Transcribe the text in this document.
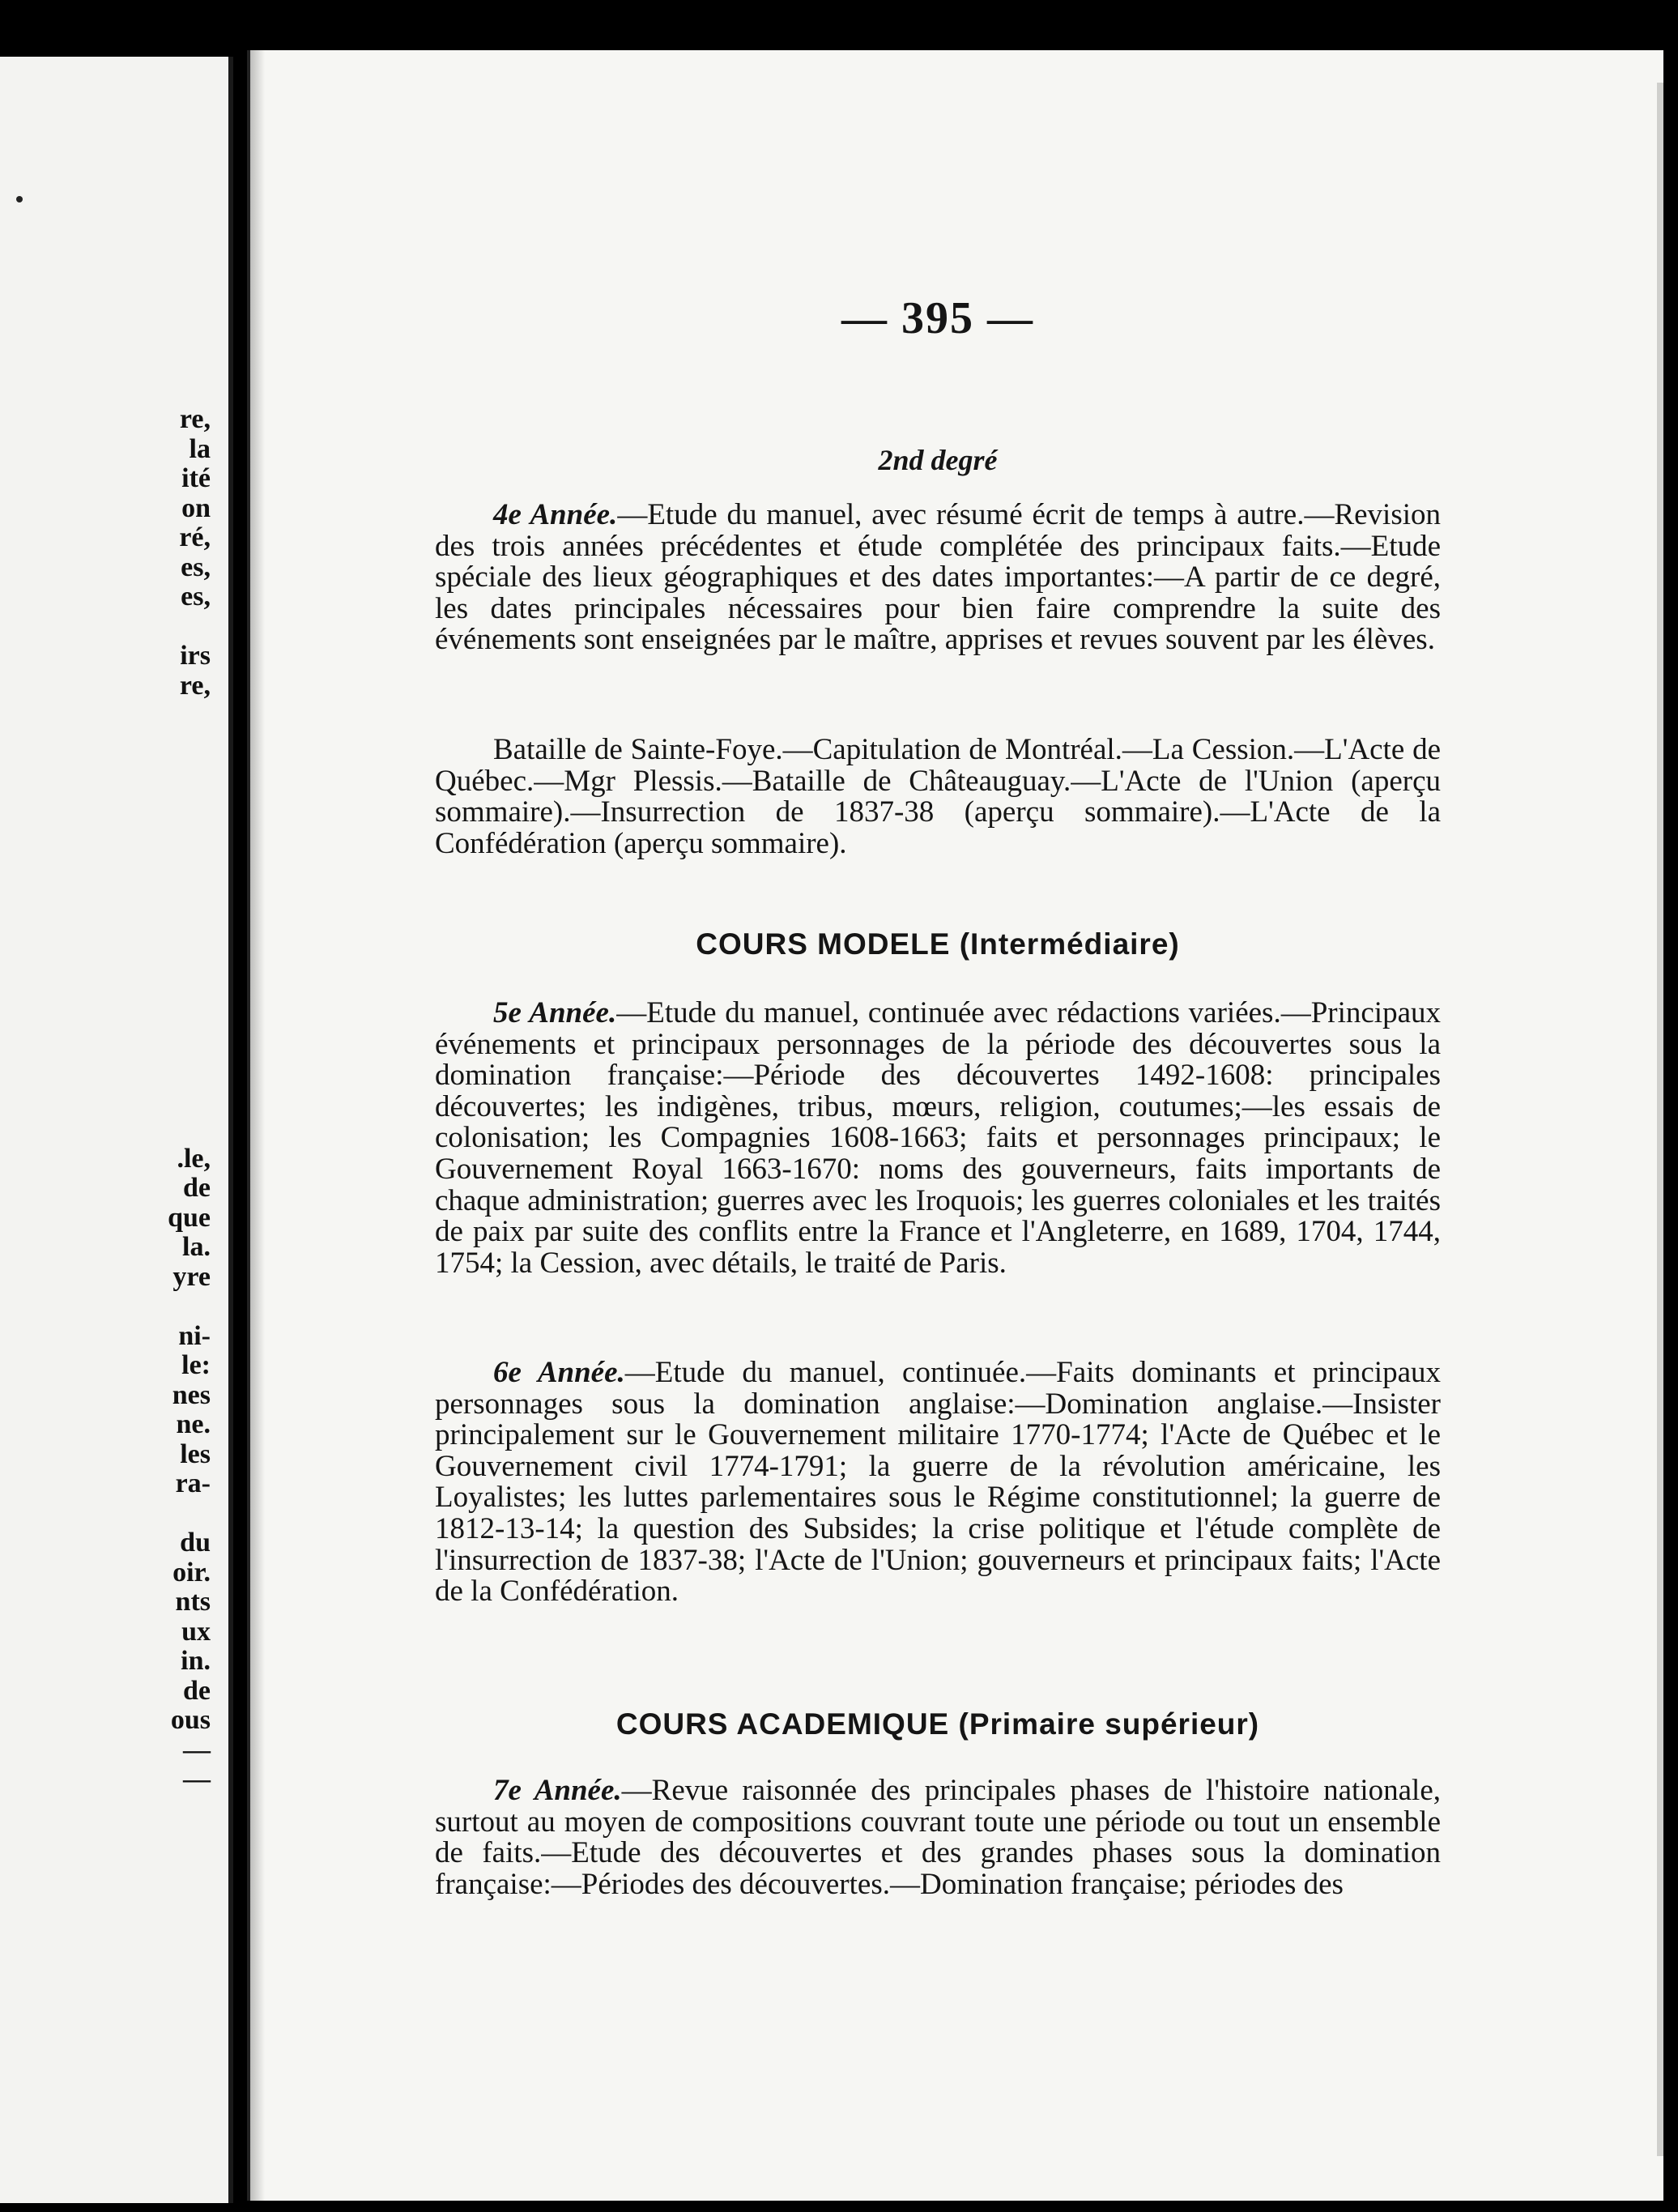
re,
la
ité
on
ré,
es,
es,
irs
re,
.le,
de
que
la.
yre
ni-
le:
nes
ne.
les
ra-
du
oir.
nts
ux
in.
de
ous
—
—
— 395 —
2nd degré

4e Année.—Etude du manuel, avec résumé écrit de temps à autre.—Revision des trois années précédentes et étude complétée des principaux faits.—Etude spéciale des lieux géographiques et des dates importantes:—A partir de ce degré, les dates principales nécessaires pour bien faire comprendre la suite des événements sont enseignées par le maître, apprises et revues souvent par les élèves.

Bataille de Sainte-Foye.—Capitulation de Montréal.—La Cession.—L'Acte de Québec.—Mgr Plessis.—Bataille de Châteauguay.—L'Acte de l'Union (aperçu sommaire).—Insurrection de 1837-38 (aperçu sommaire).—L'Acte de la Confédération (aperçu sommaire).

COURS MODELE (Intermédiaire)

5e Année.—Etude du manuel, continuée avec rédactions variées.—Principaux événements et principaux personnages de la période des découvertes sous la domination française:—Période des découvertes 1492-1608: principales découvertes; les indigènes, tribus, mœurs, religion, coutumes;—les essais de colonisation; les Compagnies 1608-1663; faits et personnages principaux; le Gouvernement Royal 1663-1670: noms des gouverneurs, faits importants de chaque administration; guerres avec les Iroquois; les guerres coloniales et les traités de paix par suite des conflits entre la France et l'Angleterre, en 1689, 1704, 1744, 1754; la Cession, avec détails, le traité de Paris.

6e Année.—Etude du manuel, continuée.—Faits dominants et principaux personnages sous la domination anglaise:—Domination anglaise.—Insister principalement sur le Gouvernement militaire 1770-1774; l'Acte de Québec et le Gouvernement civil 1774-1791; la guerre de la révolution américaine, les Loyalistes; les luttes parlementaires sous le Régime constitutionnel; la guerre de 1812-13-14; la question des Subsides; la crise politique et l'étude complète de l'insurrection de 1837-38; l'Acte de l'Union; gouverneurs et principaux faits; l'Acte de la Confédération.

COURS ACADEMIQUE (Primaire supérieur)

7e Année.—Revue raisonnée des principales phases de l'histoire nationale, surtout au moyen de compositions couvrant toute une période ou tout un ensemble de faits.—Etude des découvertes et des grandes phases sous la domination française:—Périodes des découvertes.—Domination française; périodes des
